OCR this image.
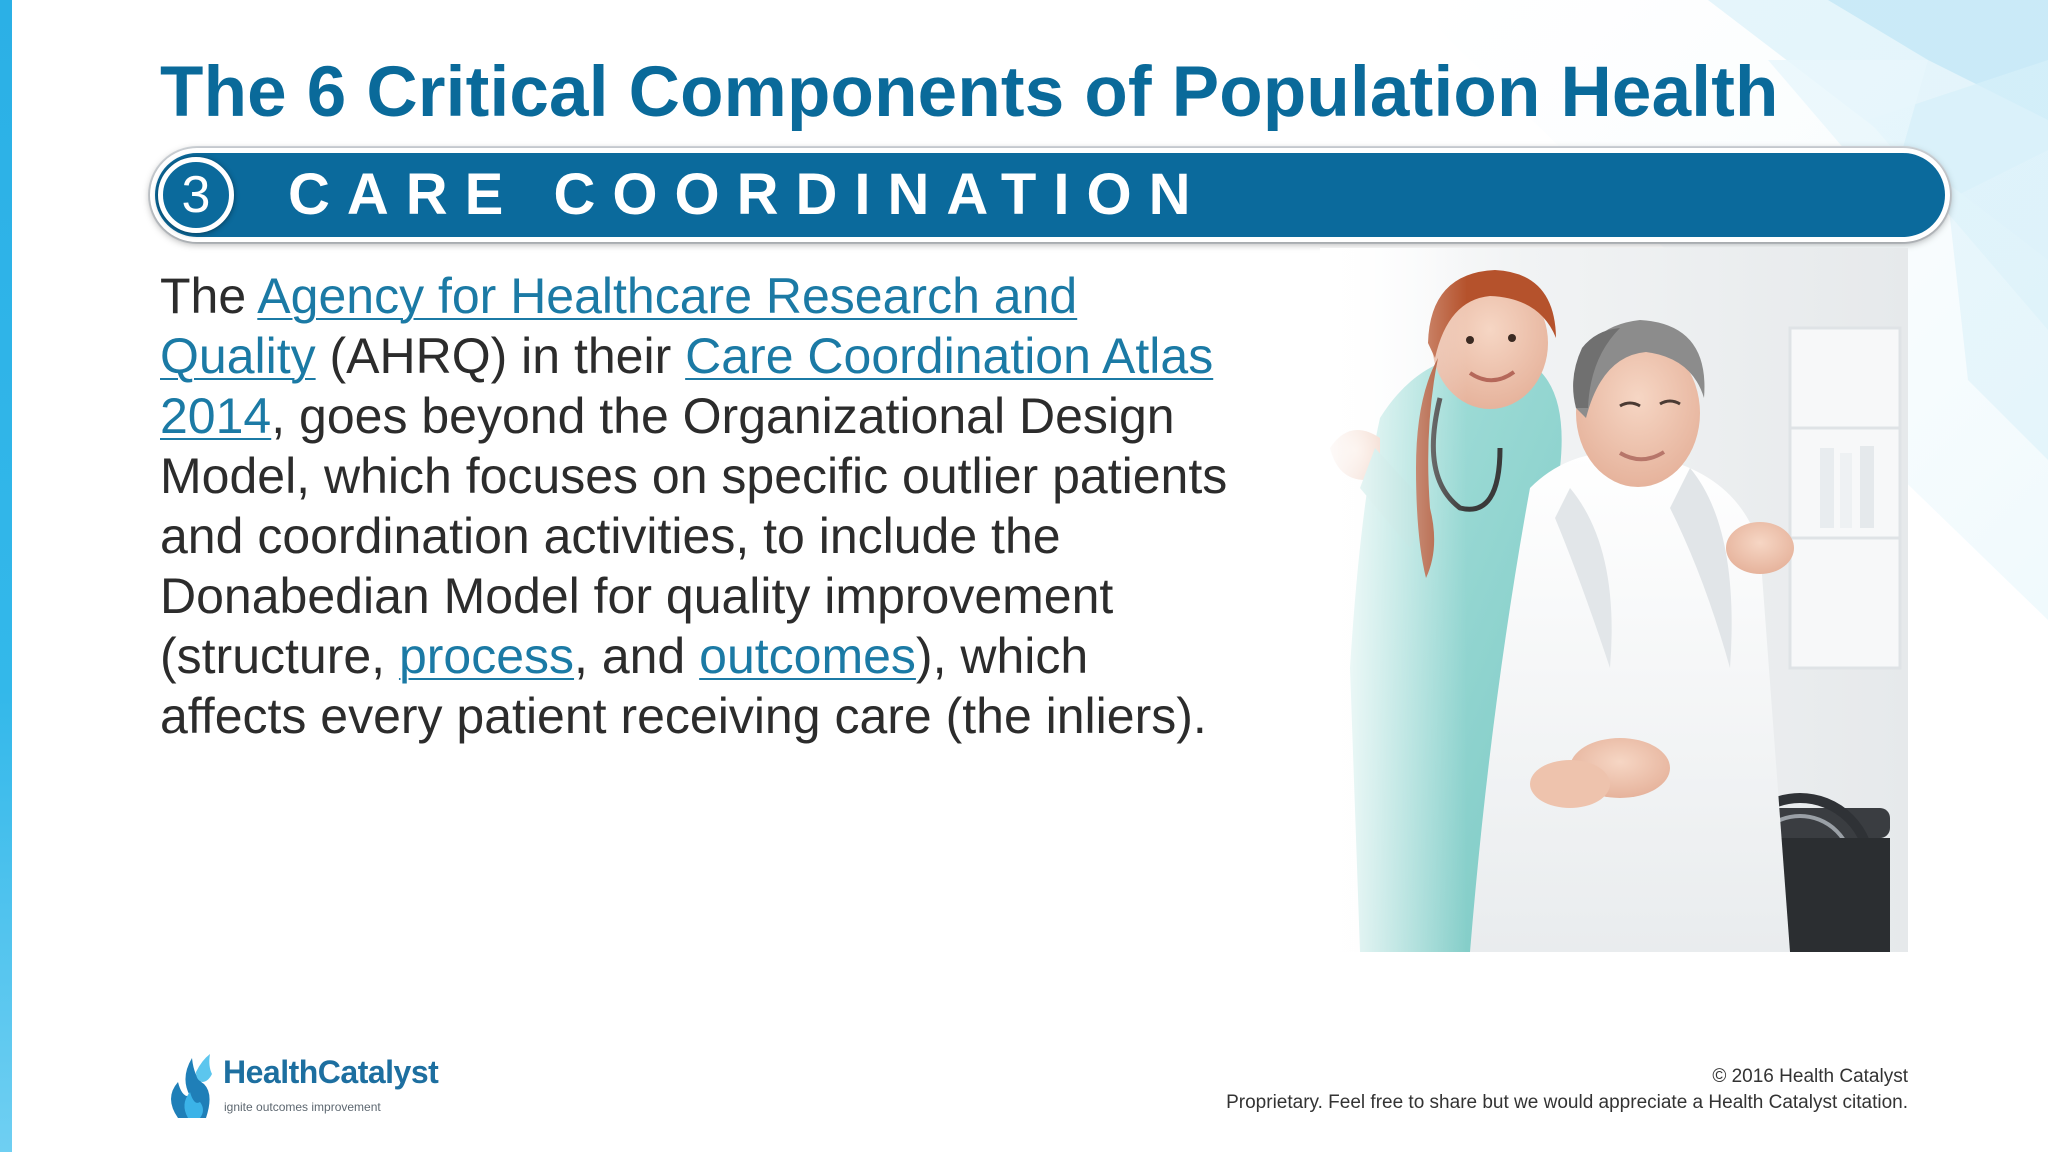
The 6 Critical Components of Population Health
3	CARE COORDINATION

The Agency for Healthcare Research and Quality (AHRQ) in their Care Coordination Atlas 2014, goes beyond the Organizational Design Model, which focuses on specific outlier patients and coordination activities, to include the Donabedian Model for quality improvement (structure, process, and outcomes), which affects every patient receiving care (the inliers).

HealthCatalyst
ignite outcomes improvement
© 2016 Health Catalyst
Proprietary. Feel free to share but we would appreciate a Health Catalyst citation.
